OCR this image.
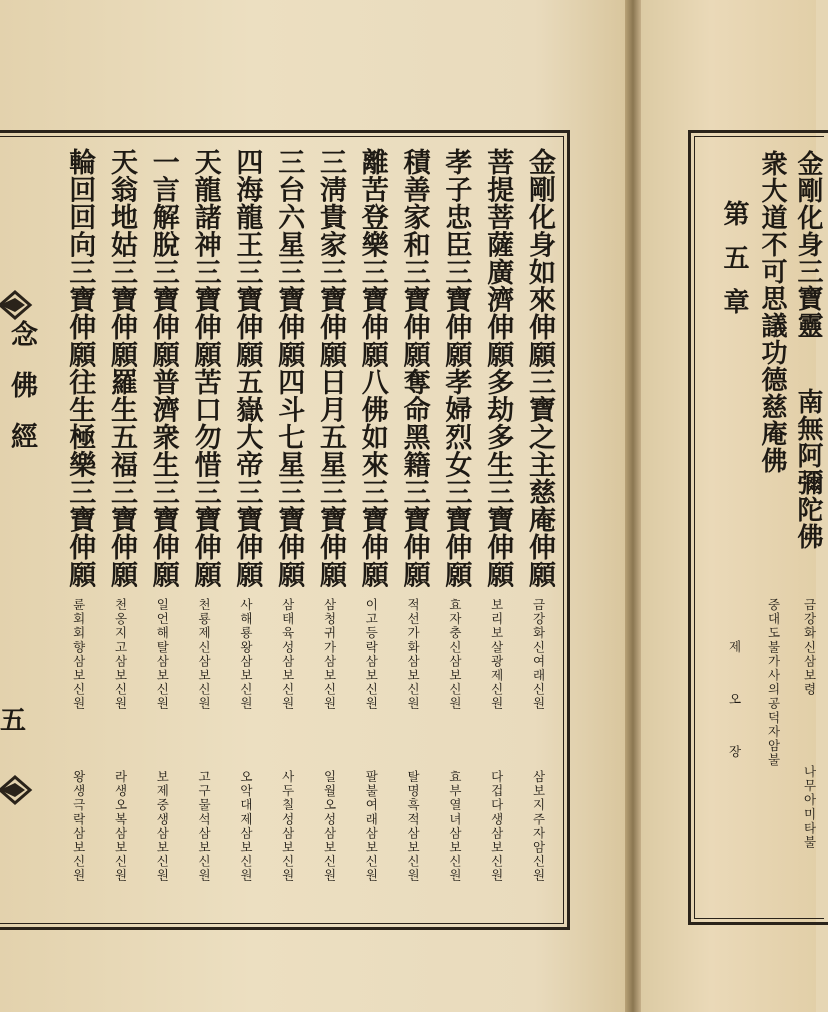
念佛經
五
金剛化身如來伸願三寶之主慈庵伸願
금강화신여래신원
삼보지주자암신원
菩提菩薩廣濟伸願多劫多生三寶伸願
보리보살광제신원
다겁다생삼보신원
孝子忠臣三寶伸願孝婦烈女三寶伸願
효자충신삼보신원
효부열녀삼보신원
積善家和三寶伸願奪命黑籍三寶伸願
적선가화삼보신원
탈명흑적삼보신원
離苦登樂三寶伸願八佛如來三寶伸願
이고등락삼보신원
팔불여래삼보신원
三淸貴家三寶伸願日月五星三寶伸願
삼청귀가삼보신원
일월오성삼보신원
三台六星三寶伸願四斗七星三寶伸願
삼태육성삼보신원
사두칠성삼보신원
四海龍王三寶伸願五嶽大帝三寶伸願
사해룡왕삼보신원
오악대제삼보신원
天龍諸神三寶伸願苦口勿惜三寶伸願
천룡제신삼보신원
고구물석삼보신원
一言解脫三寶伸願普濟衆生三寶伸願
일언해탈삼보신원
보제중생삼보신원
天翁地姑三寶伸願羅生五福三寶伸願
천옹지고삼보신원
라생오복삼보신원
輪回回向三寶伸願往生極樂三寶伸願
륜회회향삼보신원
왕생극락삼보신원
金剛化身三寶靈
南無阿彌陀佛
금강화신삼보령
나무아미타불
衆大道不可思議功德慈庵佛
중대도불가사의공덕자암불
第五章
제 오 장
